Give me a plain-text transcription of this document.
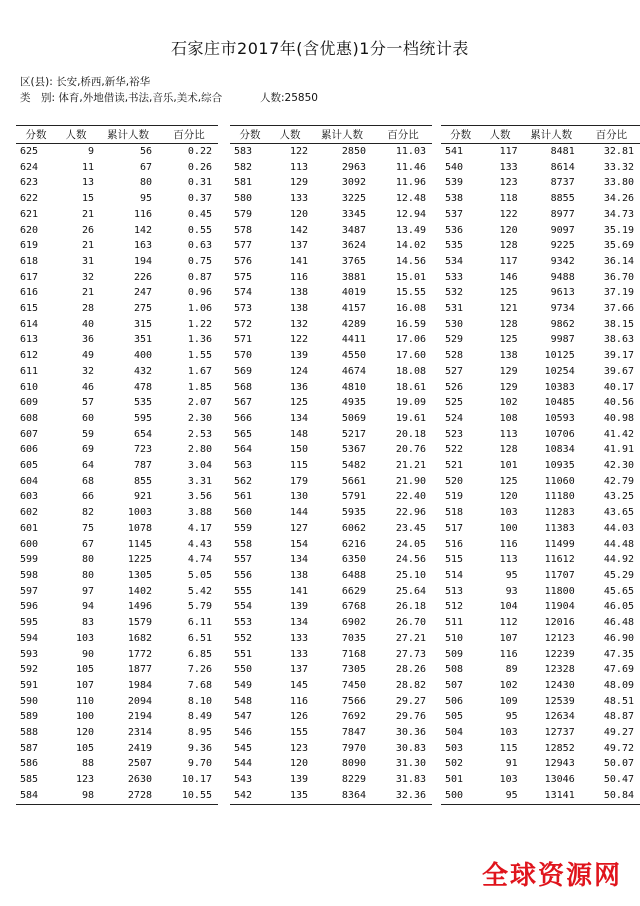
石家庄市2017年(含优惠)1分一档统计表
区(县): 长安,桥西,新华,裕华
类　别: 体育,外地借读,书法,音乐,美术,综合	人数:25850
分数	人数	累计人数	百分比
625	9	56	0.22
624	11	67	0.26
623	13	80	0.31
622	15	95	0.37
621	21	116	0.45
620	26	142	0.55
619	21	163	0.63
618	31	194	0.75
617	32	226	0.87
616	21	247	0.96
615	28	275	1.06
614	40	315	1.22
613	36	351	1.36
612	49	400	1.55
611	32	432	1.67
610	46	478	1.85
609	57	535	2.07
608	60	595	2.30
607	59	654	2.53
606	69	723	2.80
605	64	787	3.04
604	68	855	3.31
603	66	921	3.56
602	82	1003	3.88
601	75	1078	4.17
600	67	1145	4.43
599	80	1225	4.74
598	80	1305	5.05
597	97	1402	5.42
596	94	1496	5.79
595	83	1579	6.11
594	103	1682	6.51
593	90	1772	6.85
592	105	1877	7.26
591	107	1984	7.68
590	110	2094	8.10
589	100	2194	8.49
588	120	2314	8.95
587	105	2419	9.36
586	88	2507	9.70
585	123	2630	10.17
584	98	2728	10.55
分数	人数	累计人数	百分比
583	122	2850	11.03
582	113	2963	11.46
581	129	3092	11.96
580	133	3225	12.48
579	120	3345	12.94
578	142	3487	13.49
577	137	3624	14.02
576	141	3765	14.56
575	116	3881	15.01
574	138	4019	15.55
573	138	4157	16.08
572	132	4289	16.59
571	122	4411	17.06
570	139	4550	17.60
569	124	4674	18.08
568	136	4810	18.61
567	125	4935	19.09
566	134	5069	19.61
565	148	5217	20.18
564	150	5367	20.76
563	115	5482	21.21
562	179	5661	21.90
561	130	5791	22.40
560	144	5935	22.96
559	127	6062	23.45
558	154	6216	24.05
557	134	6350	24.56
556	138	6488	25.10
555	141	6629	25.64
554	139	6768	26.18
553	134	6902	26.70
552	133	7035	27.21
551	133	7168	27.73
550	137	7305	28.26
549	145	7450	28.82
548	116	7566	29.27
547	126	7692	29.76
546	155	7847	30.36
545	123	7970	30.83
544	120	8090	31.30
543	139	8229	31.83
542	135	8364	32.36
分数	人数	累计人数	百分比
541	117	8481	32.81
540	133	8614	33.32
539	123	8737	33.80
538	118	8855	34.26
537	122	8977	34.73
536	120	9097	35.19
535	128	9225	35.69
534	117	9342	36.14
533	146	9488	36.70
532	125	9613	37.19
531	121	9734	37.66
530	128	9862	38.15
529	125	9987	38.63
528	138	10125	39.17
527	129	10254	39.67
526	129	10383	40.17
525	102	10485	40.56
524	108	10593	40.98
523	113	10706	41.42
522	128	10834	41.91
521	101	10935	42.30
520	125	11060	42.79
519	120	11180	43.25
518	103	11283	43.65
517	100	11383	44.03
516	116	11499	44.48
515	113	11612	44.92
514	95	11707	45.29
513	93	11800	45.65
512	104	11904	46.05
511	112	12016	46.48
510	107	12123	46.90
509	116	12239	47.35
508	89	12328	47.69
507	102	12430	48.09
506	109	12539	48.51
505	95	12634	48.87
504	103	12737	49.27
503	115	12852	49.72
502	91	12943	50.07
501	103	13046	50.47
500	95	13141	50.84
全球资源网
